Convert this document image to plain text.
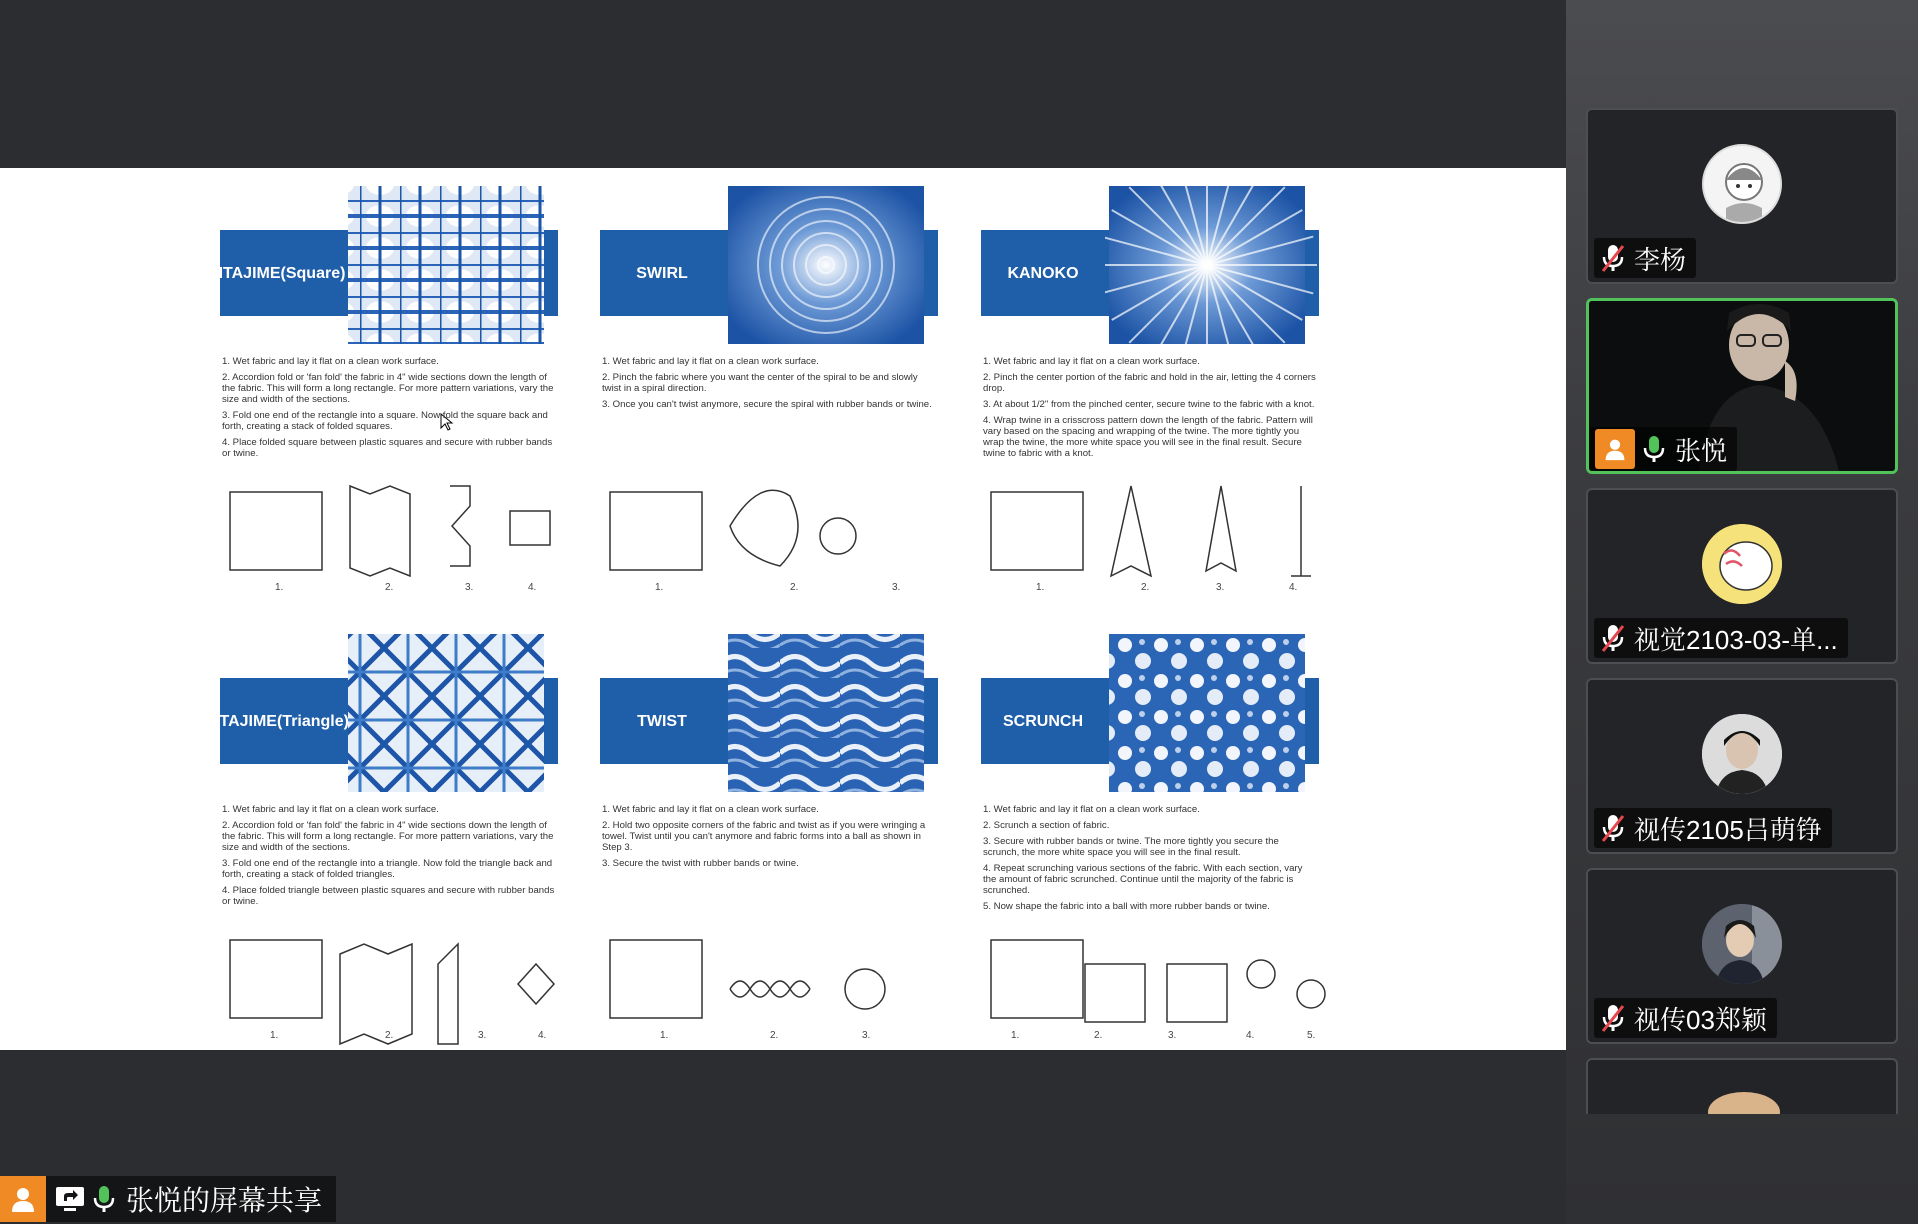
张悦的屏幕共享
李杨
张悦
视觉2103-03-单...
视传2105吕萌铮
视传03郑颖
ITAJIME (Square)

1. Wet fabric and lay it flat on a clean work surface.

2. Accordion fold or 'fan fold' the fabric in 4" wide sections down the length of the fabric. This will form a long rectangle. For more pattern variations, vary the size and width of the sections.

3. Fold one end of the rectangle into a square. Now fold the square back and forth, creating a stack of folded squares.

4. Place folded square between plastic squares and secure with rubber bands or twine.

1.	2.	3.	4.
SWIRL

1. Wet fabric and lay it flat on a clean work surface.

2. Pinch the fabric where you want the center of the spiral to be and slowly twist in a spiral direction.

3. Once you can't twist anymore, secure the spiral with rubber bands or twine.

1.	2.	3.
KANOKO

1. Wet fabric and lay it flat on a clean work surface.

2. Pinch the center portion of the fabric and hold in the air, letting the 4 corners drop.

3. At about 1/2" from the pinched center, secure twine to the fabric with a knot.

4. Wrap twine in a crisscross pattern down the length of the fabric. Pattern will vary based on the spacing and wrapping of the twine. The more tightly you wrap the twine, the more white space you will see in the final result. Secure twine to fabric with a knot.

1.	2.	3.	4.
ITAJIME (Triangle)

1. Wet fabric and lay it flat on a clean work surface.

2. Accordion fold or 'fan fold' the fabric in 4" wide sections down the length of the fabric. This will form a long rectangle. For more pattern variations, vary the size and width of the sections.

3. Fold one end of the rectangle into a triangle. Now fold the triangle back and forth, creating a stack of folded triangles.

4. Place folded triangle between plastic squares and secure with rubber bands or twine.

1.	2.	3.	4.
TWIST

1. Wet fabric and lay it flat on a clean work surface.

2. Hold two opposite corners of the fabric and twist as if you were wringing a towel. Twist until you can't anymore and fabric forms into a ball as shown in Step 3.

3. Secure the twist with rubber bands or twine.

1.	2.	3.
SCRUNCH

1. Wet fabric and lay it flat on a clean work surface.

2. Scrunch a section of fabric.

3. Secure with rubber bands or twine. The more tightly you secure the scrunch, the more white space you will see in the final result.

4. Repeat scrunching various sections of the fabric. With each section, vary the amount of fabric scrunched. Continue until the majority of the fabric is scrunched.

5. Now shape the fabric into a ball with more rubber bands or twine.

1.	2.	3.	4.	5.
